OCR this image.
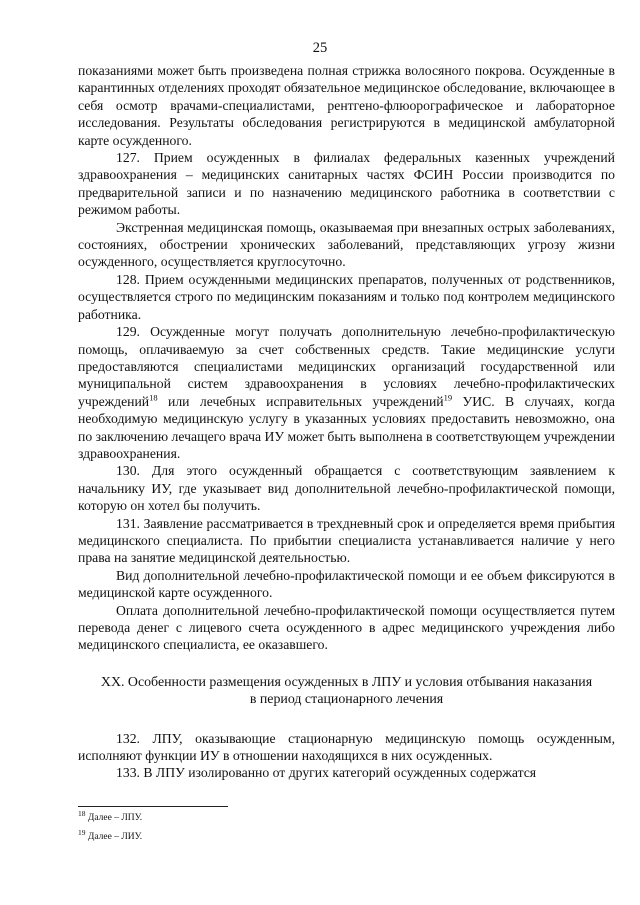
25

показаниями может быть произведена полная стрижка волосяного покрова. Осужденные в карантинных отделениях проходят обязательное медицинское обследование, включающее в себя осмотр врачами-специалистами, рентгено-флюорографическое и лабораторное исследования. Результаты обследования регистрируются в медицинской амбулаторной карте осужденного.

127. Прием осужденных в филиалах федеральных казенных учреждений здравоохранения – медицинских санитарных частях ФСИН России производится по предварительной записи и по назначению медицинского работника в соответствии с режимом работы.

Экстренная медицинская помощь, оказываемая при внезапных острых заболеваниях, состояниях, обострении хронических заболеваний, представляющих угрозу жизни осужденного, осуществляется круглосуточно.

128. Прием осужденными медицинских препаратов, полученных от родственников, осуществляется строго по медицинским показаниям и только под контролем медицинского работника.

129. Осужденные могут получать дополнительную лечебно-профилактическую помощь, оплачиваемую за счет собственных средств. Такие медицинские услуги предоставляются специалистами медицинских организаций государственной или муниципальной систем здравоохранения в условиях лечебно-профилактических учреждений$^{18}$ или лечебных исправительных учреждений$^{19}$ УИС. В случаях, когда необходимую медицинскую услугу в указанных условиях предоставить невозможно, она по заключению лечащего врача ИУ может быть выполнена в соответствующем учреждении здравоохранения.

130. Для этого осужденный обращается с соответствующим заявлением к начальнику ИУ, где указывает вид дополнительной лечебно-профилактической помощи, которую он хотел бы получить.

131. Заявление рассматривается в трехдневный срок и определяется время прибытия медицинского специалиста. По прибытии специалиста устанавливается наличие у него права на занятие медицинской деятельностью.

Вид дополнительной лечебно-профилактической помощи и ее объем фиксируются в медицинской карте осужденного.

Оплата дополнительной лечебно-профилактической помощи осуществляется путем перевода денег с лицевого счета осужденного в адрес медицинского учреждения либо медицинского специалиста, ее оказавшего.

XX. Особенности размещения осужденных в ЛПУ и условия отбывания наказания
в период стационарного лечения

132. ЛПУ, оказывающие стационарную медицинскую помощь осужденным, исполняют функции ИУ в отношении находящихся в них осужденных.

133. В ЛПУ изолированно от других категорий осужденных содержатся

$^{18}$ Далее – ЛПУ.
$^{19}$ Далее – ЛИУ.
